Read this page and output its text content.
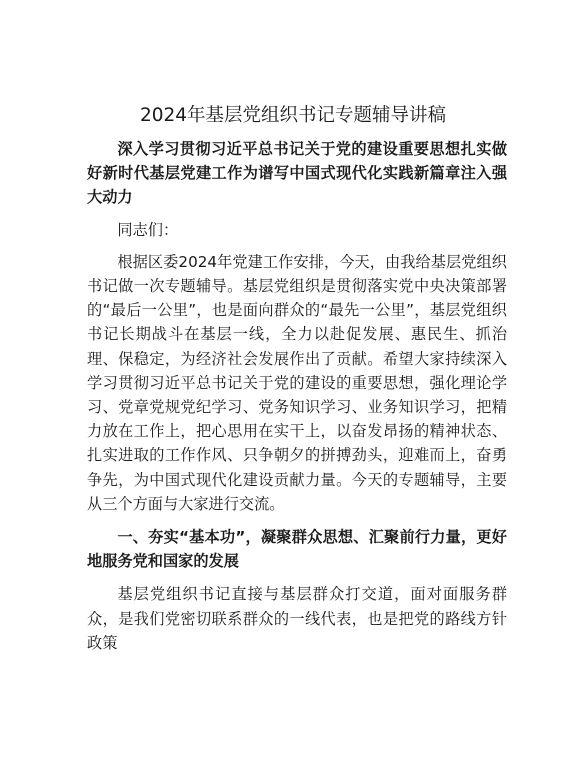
2024年基层党组织书记专题辅导讲稿

深入学习贯彻习近平总书记关于党的建设重要思想扎实做好新时代基层党建工作为谱写中国式现代化实践新篇章注入强大动力

同志们：

根据区委2024年党建工作安排，今天，由我给基层党组织书记做一次专题辅导。基层党组织是贯彻落实党中央决策部署的“最后一公里”，也是面向群众的“最先一公里”，基层党组织书记长期战斗在基层一线，全力以赴促发展、惠民生、抓治理、保稳定，为经济社会发展作出了贡献。希望大家持续深入学习贯彻习近平总书记关于党的建设的重要思想，强化理论学习、党章党规党纪学习、党务知识学习、业务知识学习，把精力放在工作上，把心思用在实干上，以奋发昂扬的精神状态、扎实进取的工作作风、只争朝夕的拼搏劲头，迎难而上，奋勇争先，为中国式现代化建设贡献力量。今天的专题辅导，主要从三个方面与大家进行交流。

一、夯实“基本功”，凝聚群众思想、汇聚前行力量，更好地服务党和国家的发展

基层党组织书记直接与基层群众打交道，面对面服务群众，是我们党密切联系群众的一线代表，也是把党的路线方针政策
